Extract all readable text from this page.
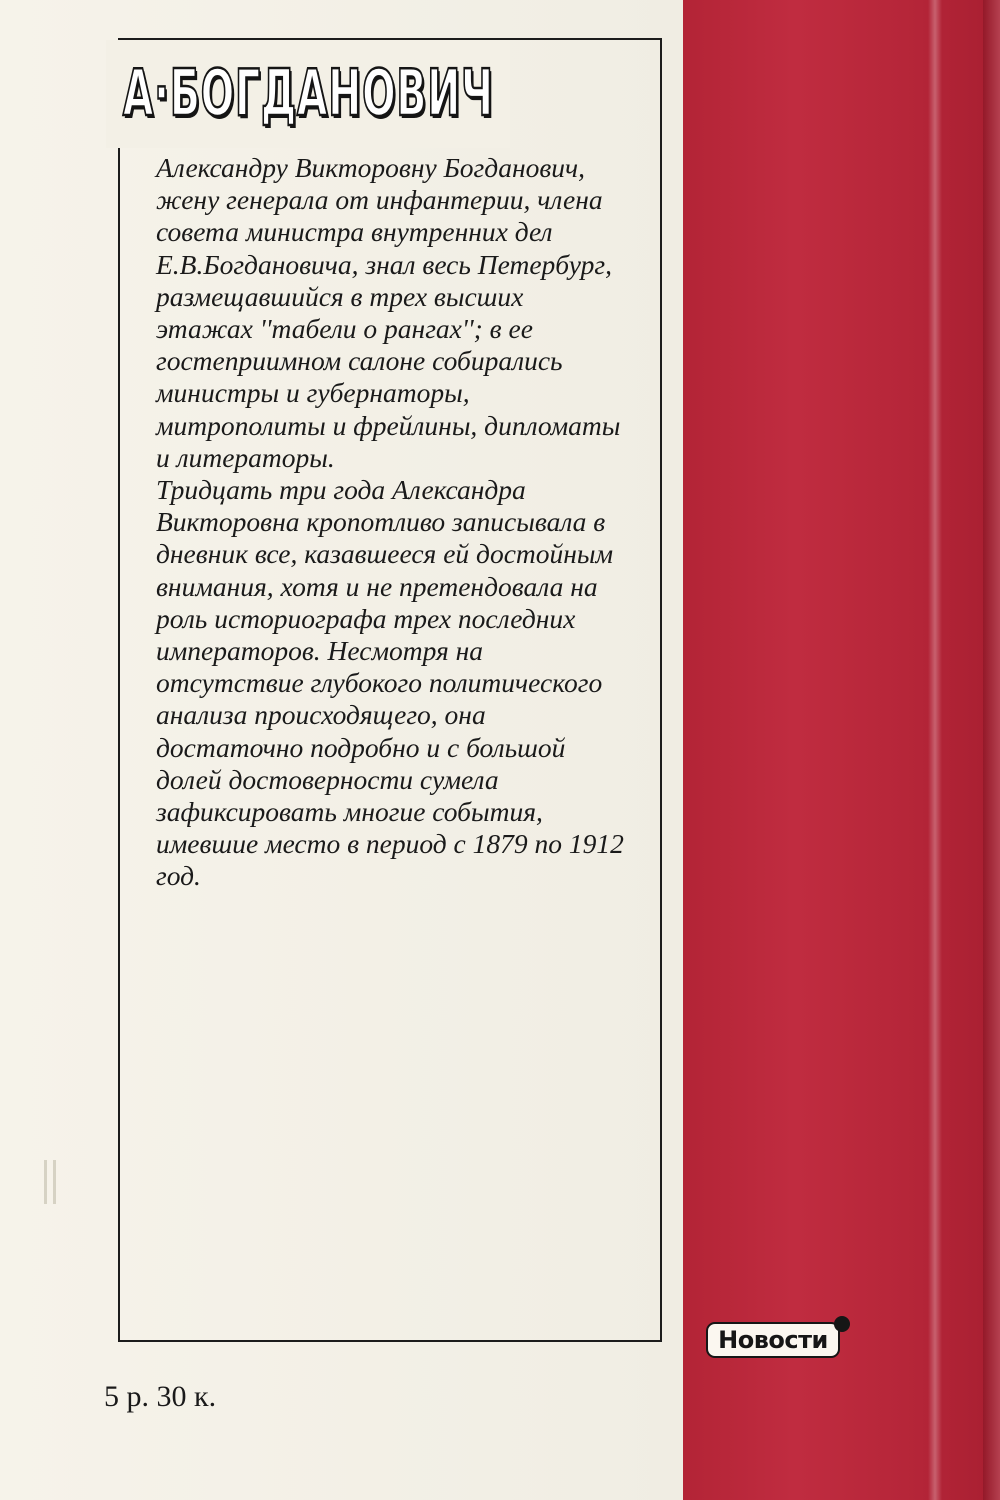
А·БОГДАНОВИЧ

Александру Викторовну Богданович, жену генерала от инфантерии, члена совета министра внутренних дел Е.В.Богдановича, знал весь Петербург, размещавшийся в трех высших этажах ''табели о рангах''; в ее гостеприимном салоне собирались министры и губернаторы, митрополиты и фрейлины, дипломаты и литераторы.

Тридцать три года Александра Викторовна кропотливо записывала в дневник все, казавшееся ей достойным внимания, хотя и не претендовала на роль историографа трех последних императоров. Несмотря на отсутствие глубокого политического анализа происходящего, она достаточно подробно и с большой долей достоверности сумела зафиксировать многие события, имевшие место в период с 1879 по 1912 год.

5 р. 30 к.
Новости
